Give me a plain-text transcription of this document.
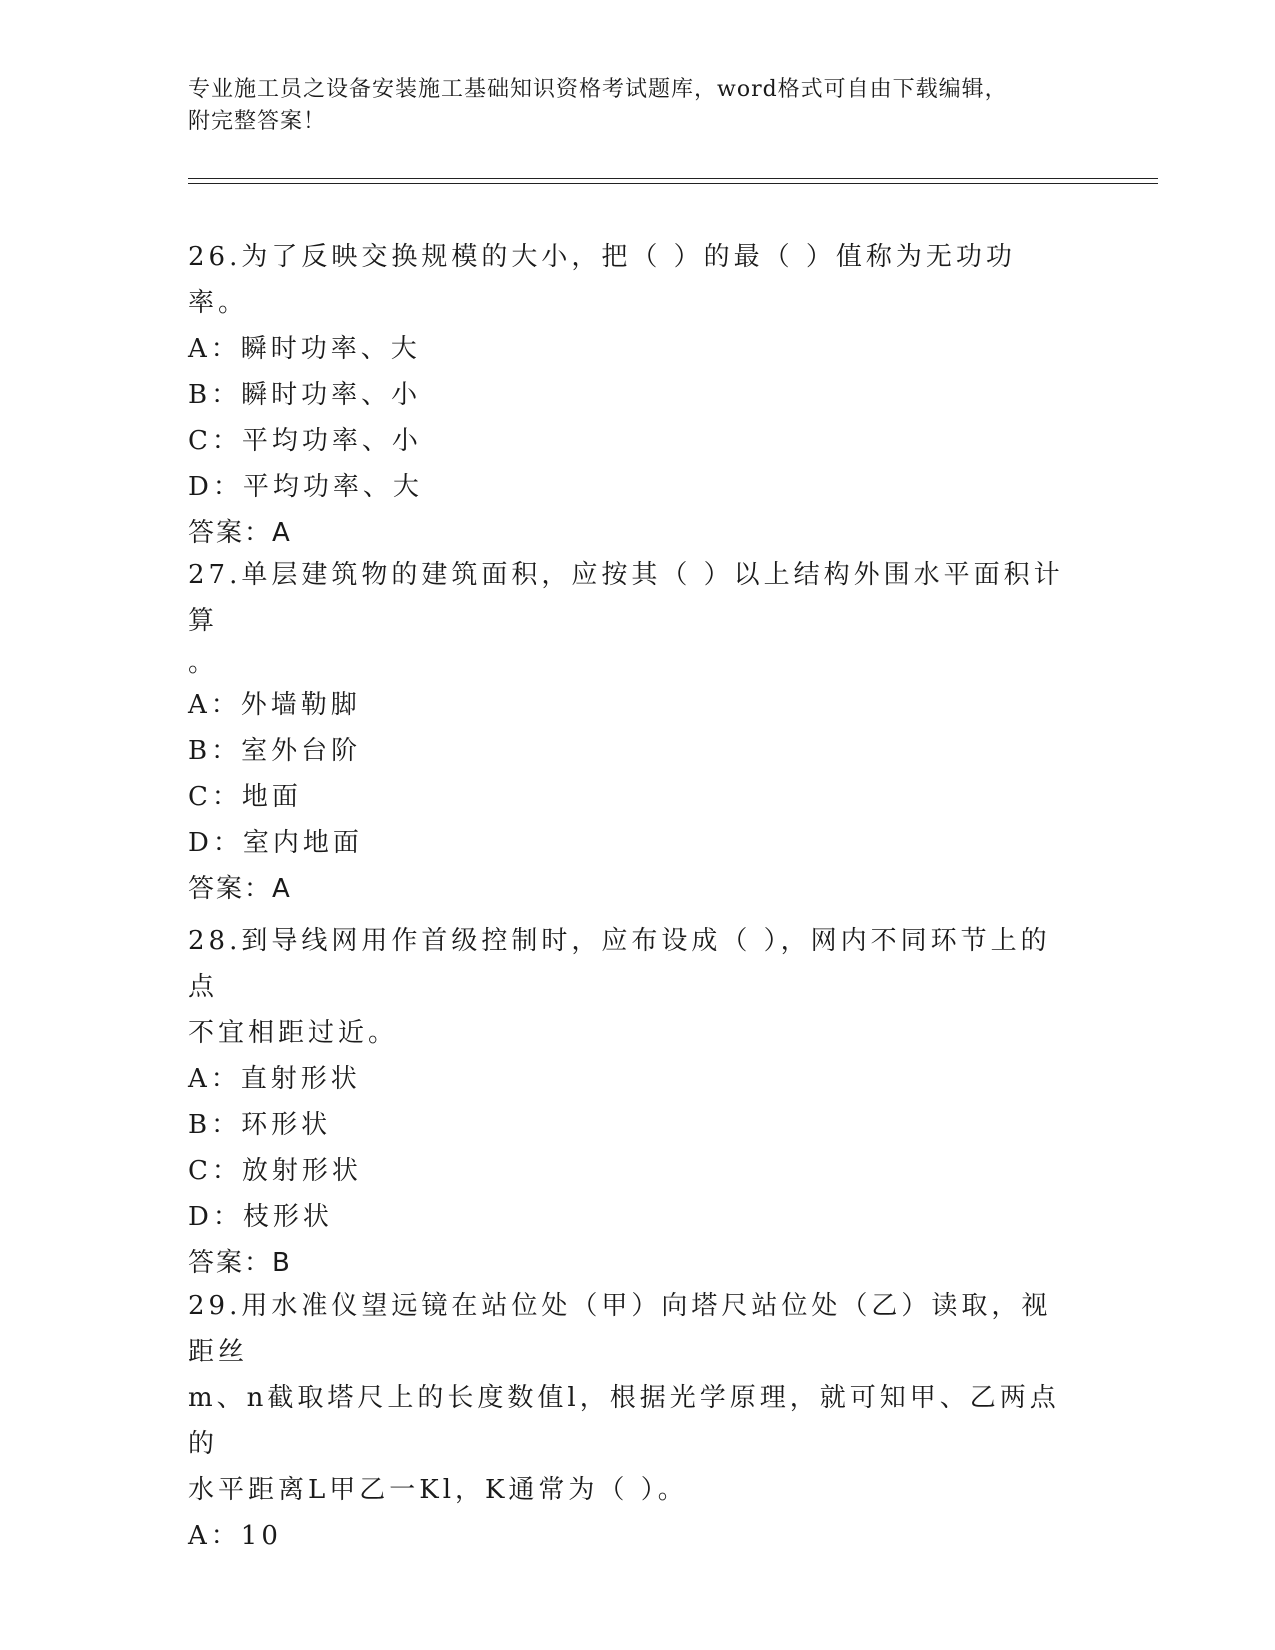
专业施工员之设备安装施工基础知识资格考试题库，word格式可自由下载编辑，
附完整答案！

26.为了反映交换规模的大小，把（ ）的最（ ）值称为无功功率。

A：瞬时功率、大

B：瞬时功率、小

C：平均功率、小

D：平均功率、大

答案：A

27.单层建筑物的建筑面积，应按其（ ）以上结构外围水平面积计算

。

A：外墙勒脚

B：室外台阶

C：地面

D：室内地面

答案：A

28.到导线网用作首级控制时，应布设成（ ），网内不同环节上的点

不宜相距过近。

A：直射形状

B：环形状

C：放射形状

D：枝形状

答案：B

29.用水准仪望远镜在站位处（甲）向塔尺站位处（乙）读取，视距丝

m、n截取塔尺上的长度数值l，根据光学原理，就可知甲、乙两点的

水平距离L甲乙一Kl，K通常为（ ）。

A：10
